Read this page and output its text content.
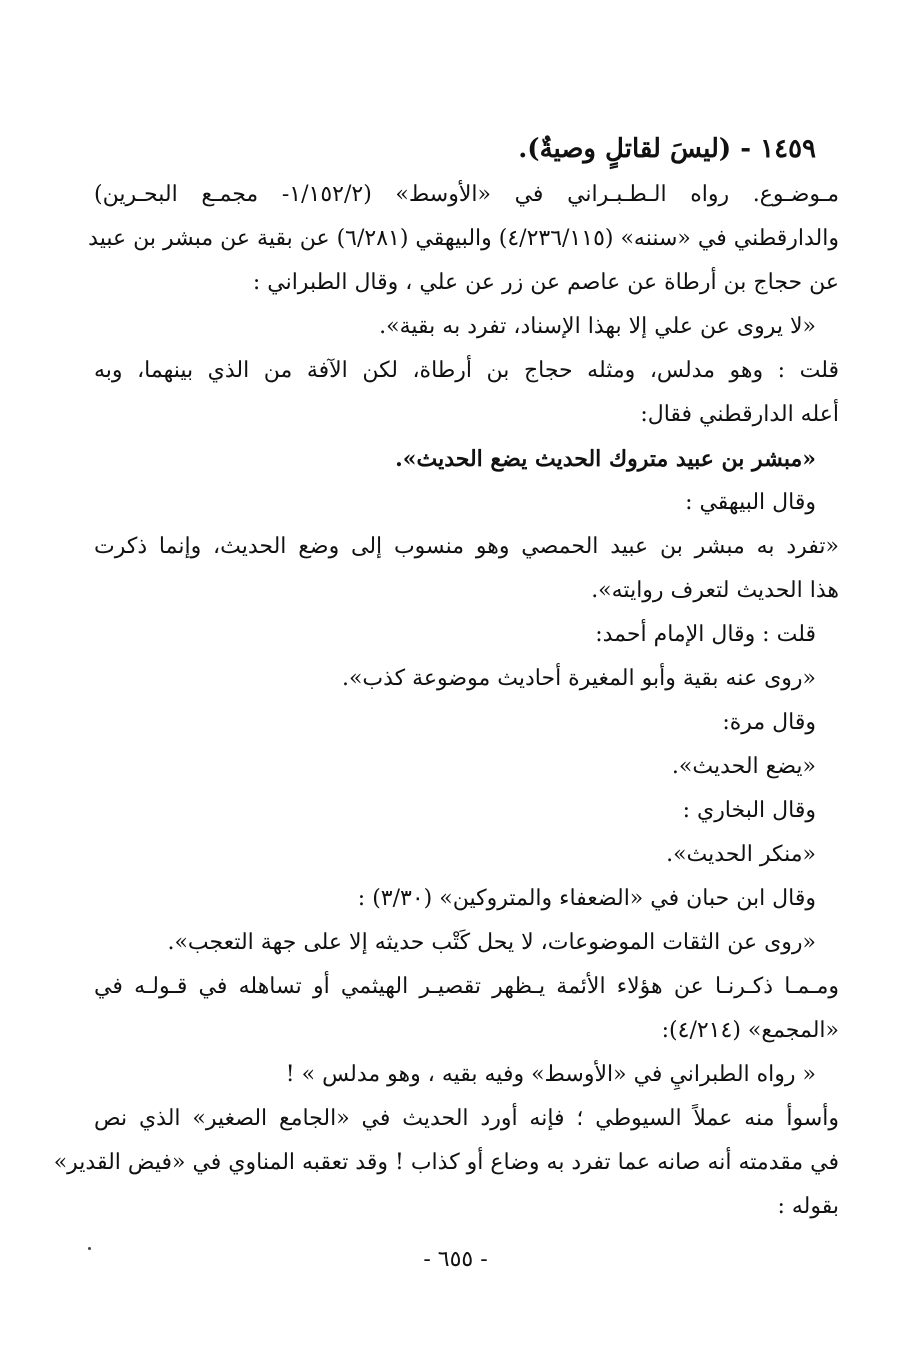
١٤٥٩ - (ليسَ لقاتلٍ وصيةٌ).
مـوضـوع. رواه الـطـبـراني في «الأوسط» (١/١٥٢/٢- مجمـع البحـرين)
والدارقطني في «سننه» (٤/٢٣٦/١١٥) والبيهقي (٦/٢٨١) عن بقية عن مبشر بن عبيد
عن حجاج بن أرطاة عن عاصم عن زر عن علي ، وقال الطبراني :
«لا يروى عن علي إلا بهذا الإسناد، تفرد به بقية».
قلت : وهو مدلس، ومثله حجاج بن أرطاة، لكن الآفة من الذي بينهما، وبه
أعله الدارقطني فقال:
«مبشر بن عبيد متروك الحديث يضع الحديث».
وقال البيهقي :
«تفرد به مبشر بن عبيد الحمصي وهو منسوب إلى وضع الحديث، وإنما ذكرت
هذا الحديث لتعرف روايته».
قلت : وقال الإمام أحمد:
«روى عنه بقية وأبو المغيرة أحاديث موضوعة كذب».
وقال مرة:
«يضع الحديث».
وقال البخاري :
«منكر الحديث».
وقال ابن حبان في «الضعفاء والمتروكين» (٣/٣٠) :
«روى عن الثقات الموضوعات، لا يحل كَتْب حديثه إلا على جهة التعجب».
ومـمـا ذكـرنـا عن هؤلاء الأئمة يـظهر تقصيـر الهيثمي أو تساهله في قـولـه في
«المجمع» (٤/٢١٤):
« رواه الطبرانيِ في «الأوسط» وفيه بقيه ، وهو مدلس » !
وأسوأ منه عملاً السيوطي ؛ فإنه أورد الحديث في «الجامع الصغير» الذي نص
في مقدمته أنه صانه عما تفرد به وضاع أو كذاب ! وقد تعقبه المناوي في «فيض القدير»
بقوله :
- ٦٥٥ -
